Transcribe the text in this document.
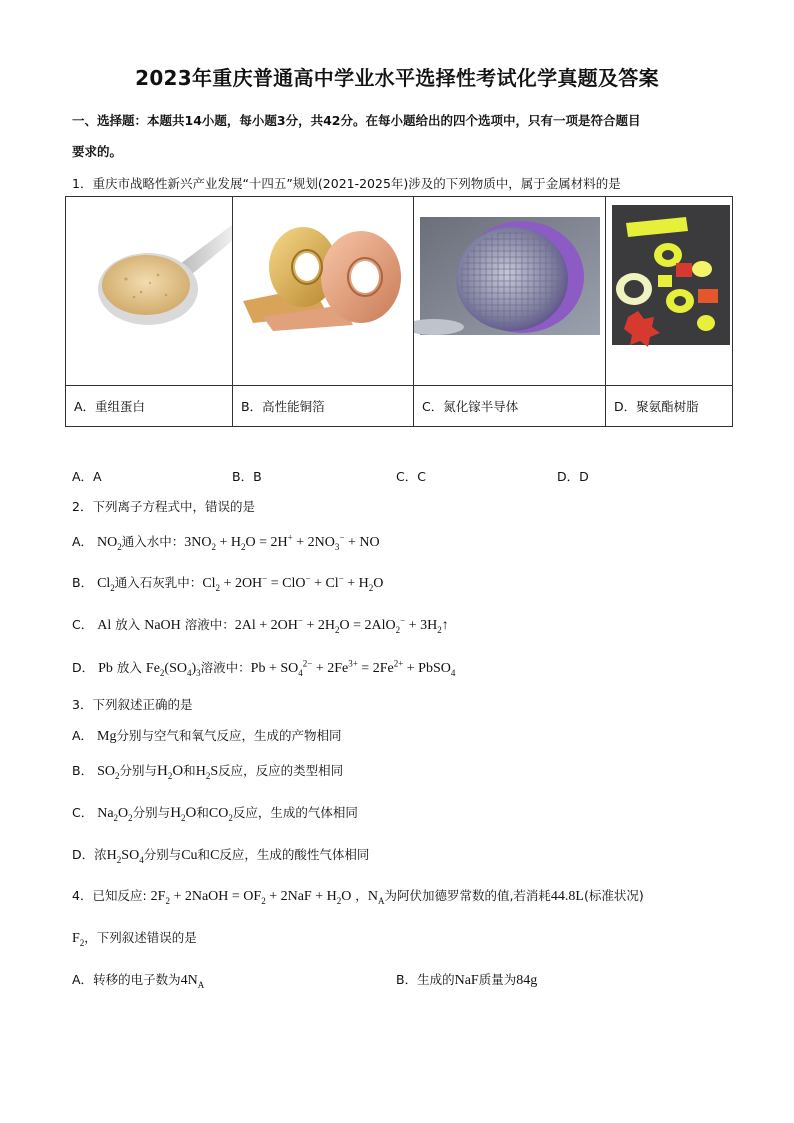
2023年重庆普通高中学业水平选择性考试化学真题及答案
一、选择题：本题共14小题，每小题3分，共42分。在每小题给出的四个选项中，只有一项是符合题目
要求的。
1．重庆市战略性新兴产业发展“十四五”规划(2021-2025年)涉及的下列物质中，属于金属材料的是

A．重组蛋白	B．高性能铜箔	C．氮化镓半导体	D．聚氨酯树脂
A．A	B．B	C．C	D．D
2．下列离子方程式中，错误的是
A． $NO_2$通入水中：$3NO_2 + H_2O = 2H^+ + 2NO_3^-$ + NO
B． $Cl_2$通入石灰乳中：$Cl_2 + 2OH^- = ClO^- + Cl^- + H_2O$
C． Al 放入 NaOH 溶液中：$2Al + 2OH^- + 2H_2O = 2AlO_2^-$ + $3H_2↑$
D． Pb 放入 $Fe_2(SO_4)_3$溶液中：$Pb + SO_4^{2-} + 2Fe^{3+} = 2Fe^{2+}$ + PbSO$_4$
3．下列叙述正确的是
A． Mg分别与空气和氧气反应，生成的产物相同
B． $SO_2$分别与$H_2O$和$H_2S$反应，反应的类型相同
C． $Na_2O_2$分别与$H_2O$和$CO_2$反应，生成的气体相同
D．浓$H_2SO_4$分别与Cu和C反应，生成的酸性气体相同
4．已知反应: $2F_2$ + 2NaOH = $OF_2 + 2NaF + H_2O$ ，$N_A$为阿伏加德罗常数的值,若消耗44.8L(标准状况)
$F_2$，下列叙述错误的是
A．转移的电子数为$4N_A$	B．生成的NaF质量为84g
